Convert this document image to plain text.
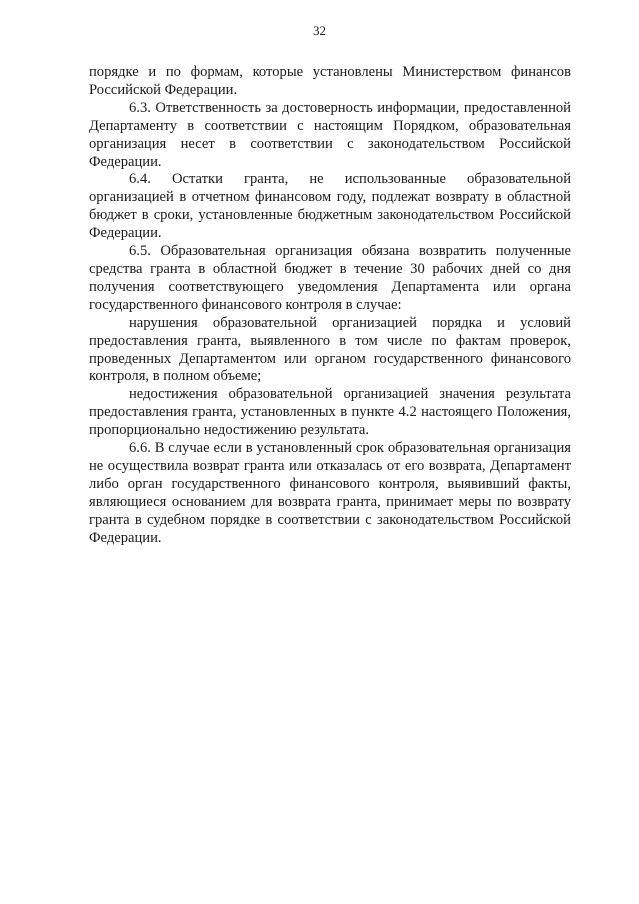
32

порядке и по формам, которые установлены Министерством финансов Российской Федерации.

6.3. Ответственность за достоверность информации, предоставленной Департаменту в соответствии с настоящим Порядком, образовательная организация несет в соответствии с законодательством Российской Федерации.

6.4. Остатки гранта, не использованные образовательной организацией в отчетном финансовом году, подлежат возврату в областной бюджет в сроки, установленные бюджетным законодательством Российской Федерации.

6.5. Образовательная организация обязана возвратить полученные средства гранта в областной бюджет в течение 30 рабочих дней со дня получения соответствующего уведомления Департамента или органа государственного финансового контроля в случае:

нарушения образовательной организацией порядка и условий предоставления гранта, выявленного в том числе по фактам проверок, проведенных Департаментом или органом государственного финансового контроля, в полном объеме;

недостижения образовательной организацией значения результата предоставления гранта, установленных в пункте 4.2 настоящего Положения, пропорционально недостижению результата.

6.6. В случае если в установленный срок образовательная организация не осуществила возврат гранта или отказалась от его возврата, Департамент либо орган государственного финансового контроля, выявивший факты, являющиеся основанием для возврата гранта, принимает меры по возврату гранта в судебном порядке в соответствии с законодательством Российской Федерации.
